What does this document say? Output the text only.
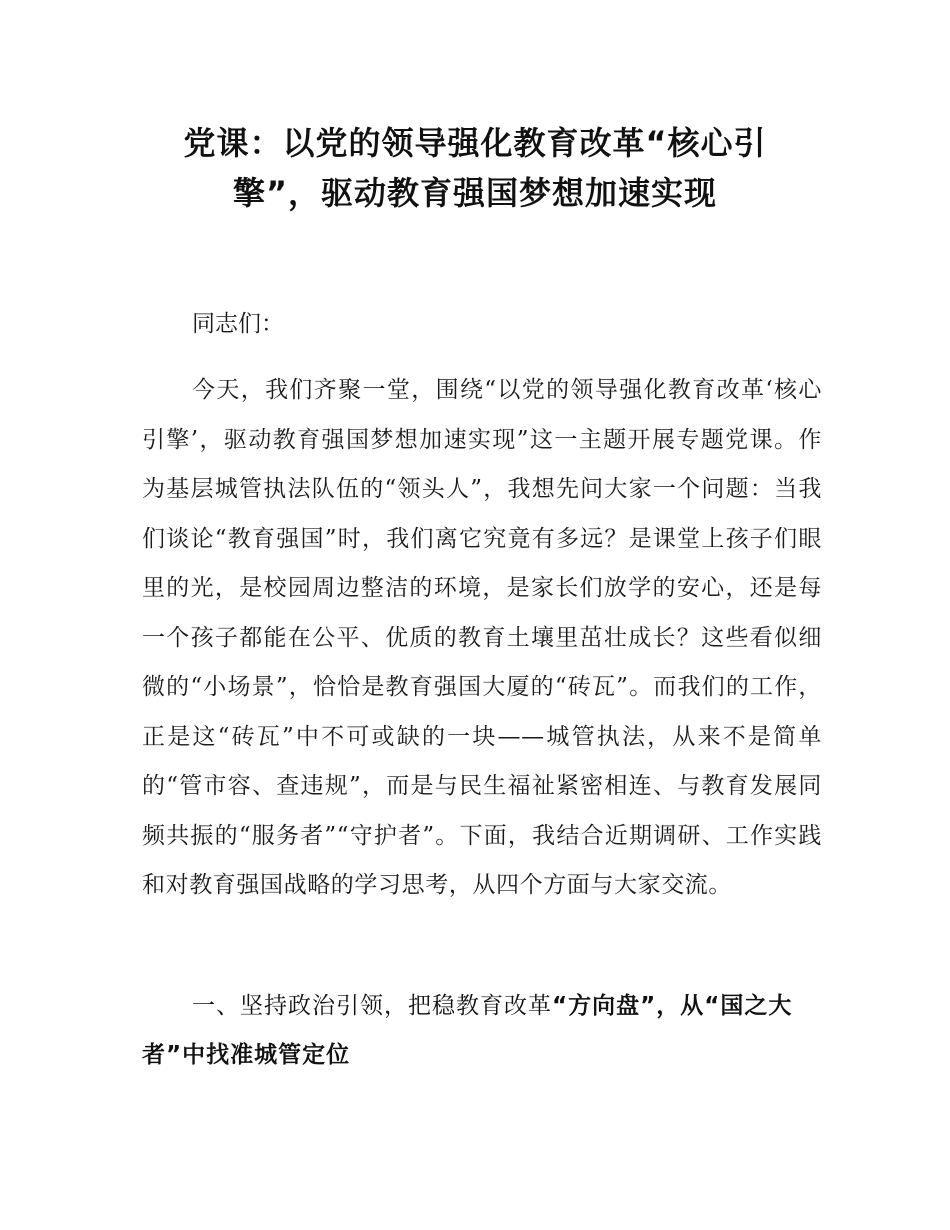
党课：以党的领导强化教育改革“核心引
擎”，驱动教育强国梦想加速实现

同志们：

今天，我们齐聚一堂，围绕“以党的领导强化教育改革‘核心引擎’，驱动教育强国梦想加速实现”这一主题开展专题党课。作为基层城管执法队伍的“领头人”，我想先问大家一个问题：当我们谈论“教育强国”时，我们离它究竟有多远？是课堂上孩子们眼里的光，是校园周边整洁的环境，是家长们放学的安心，还是每一个孩子都能在公平、优质的教育土壤里茁壮成长？这些看似细微的“小场景”，恰恰是教育强国大厦的“砖瓦”。而我们的工作，正是这“砖瓦”中不可或缺的一块——城管执法，从来不是简单的“管市容、查违规”，而是与民生福祉紧密相连、与教育发展同频共振的“服务者”“守护者”。下面，我结合近期调研、工作实践和对教育强国战略的学习思考，从四个方面与大家交流。

一、坚持政治引领，把稳教育改革“方向盘”，从“国之大者”中找准城管定位
